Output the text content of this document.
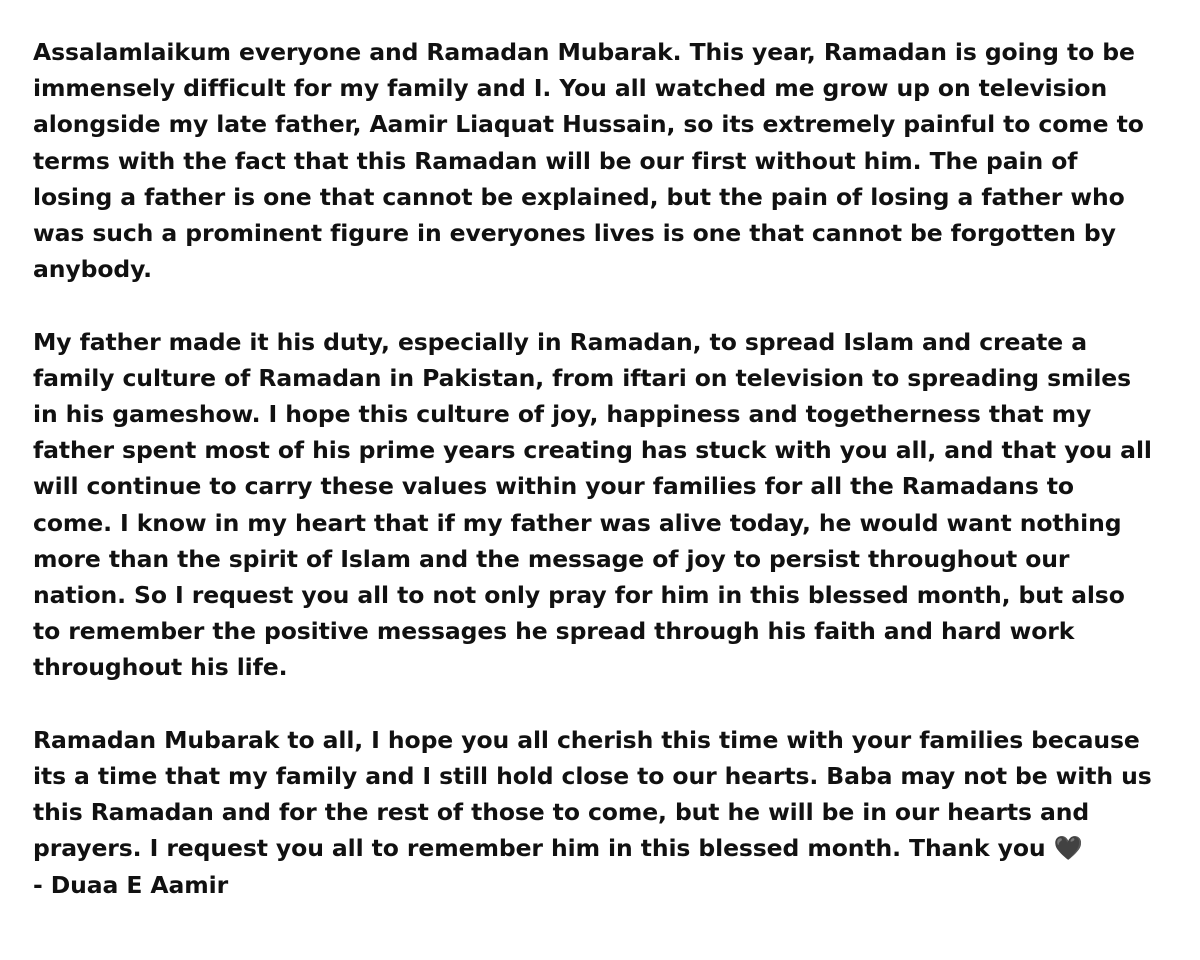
Assalamlaikum everyone and Ramadan Mubarak. This year, Ramadan is going to be
immensely difficult for my family and I. You all watched me grow up on television
alongside my late father, Aamir Liaquat Hussain, so its extremely painful to come to
terms with the fact that this Ramadan will be our first without him. The pain of
losing a father is one that cannot be explained, but the pain of losing a father who
was such a prominent figure in everyones lives is one that cannot be forgotten by
anybody.

My father made it his duty, especially in Ramadan, to spread Islam and create a
family culture of Ramadan in Pakistan, from iftari on television to spreading smiles
in his gameshow. I hope this culture of joy, happiness and togetherness that my
father spent most of his prime years creating has stuck with you all, and that you all
will continue to carry these values within your families for all the Ramadans to
come. I know in my heart that if my father was alive today, he would want nothing
more than the spirit of Islam and the message of joy to persist throughout our
nation. So I request you all to not only pray for him in this blessed month, but also
to remember the positive messages he spread through his faith and hard work
throughout his life.

Ramadan Mubarak to all, I hope you all cherish this time with your families because
its a time that my family and I still hold close to our hearts. Baba may not be with us
this Ramadan and for the rest of those to come, but he will be in our hearts and
prayers. I request you all to remember him in this blessed month. Thank you 🖤
- Duaa E Aamir
